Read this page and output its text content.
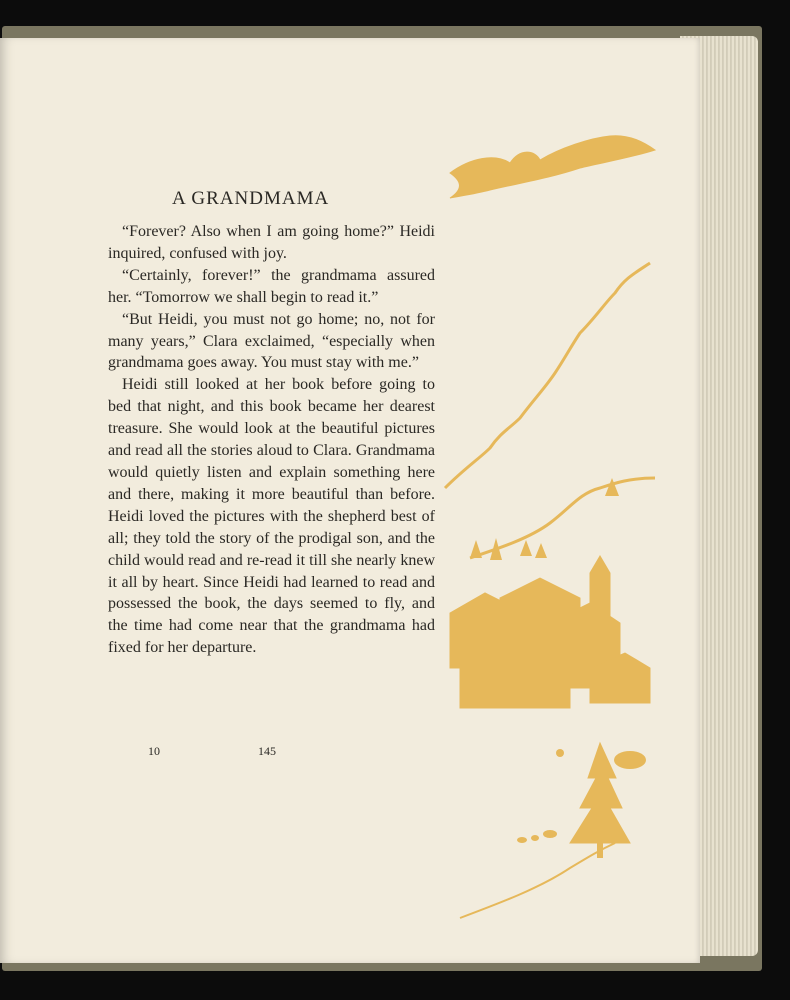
A GRANDMAMA

“Forever? Also when I am going home?” Heidi inquired, confused with joy.

“Certainly, forever!” the grandmama assured her. “Tomorrow we shall begin to read it.”

“But Heidi, you must not go home; no, not for many years,” Clara exclaimed, “especially when grandmama goes away. You must stay with me.”

Heidi still looked at her book before going to bed that night, and this book became her dearest treasure. She would look at the beautiful pictures and read all the stories aloud to Clara. Grandmama would quietly listen and explain something here and there, making it more beautiful than before. Heidi loved the pictures with the shepherd best of all; they told the story of the prodigal son, and the child would read and re-read it till she nearly knew it all by heart. Since Heidi had learned to read and possessed the book, the days seemed to fly, and the time had come near that the grandmama had fixed for her departure.

10	145
